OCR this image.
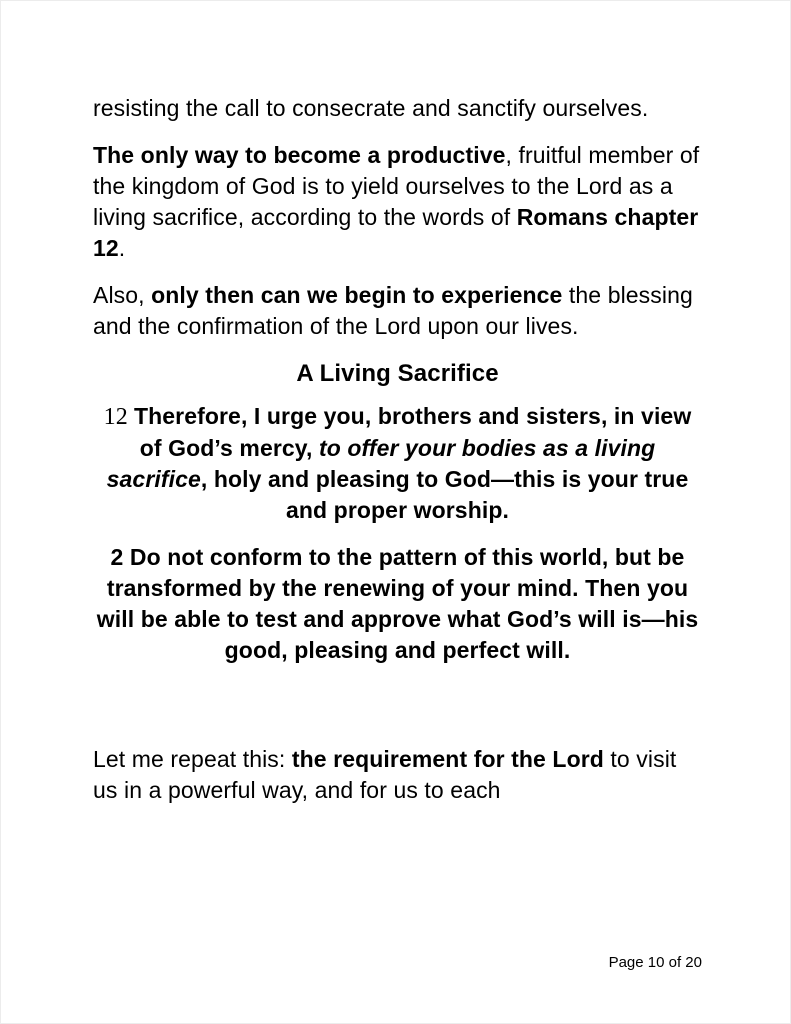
resisting the call to consecrate and sanctify ourselves.

The only way to become a productive, fruitful member of the kingdom of God is to yield ourselves to the Lord as a living sacrifice, according to the words of Romans chapter 12.

Also, only then can we begin to experience the blessing and the confirmation of the Lord upon our lives.

A Living Sacrifice

12 Therefore, I urge you, brothers and sisters, in view of God’s mercy, to offer your bodies as a living sacrifice, holy and pleasing to God—this is your true and proper worship.

2 Do not conform to the pattern of this world, but be transformed by the renewing of your mind. Then you will be able to test and approve what God’s will is—his good, pleasing and perfect will.

Let me repeat this: the requirement for the Lord to visit us in a powerful way, and for us to each

Page 10 of 20
